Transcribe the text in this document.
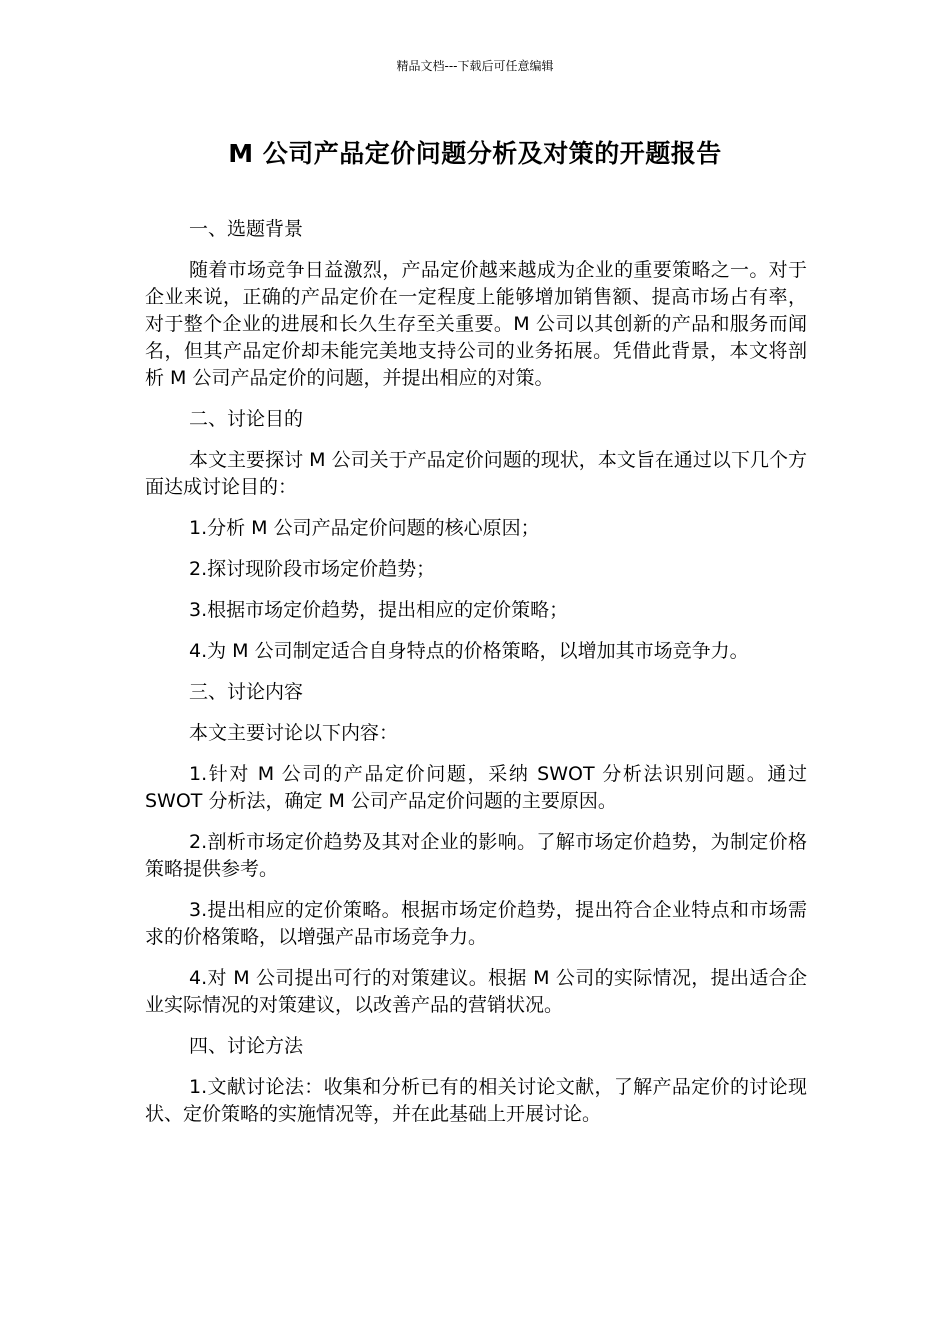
精品文档---下载后可任意编辑
M 公司产品定价问题分析及对策的开题报告

一、选题背景

随着市场竞争日益激烈，产品定价越来越成为企业的重要策略之一。对于企业来说，正确的产品定价在一定程度上能够增加销售额、提高市场占有率，对于整个企业的进展和长久生存至关重要。M 公司以其创新的产品和服务而闻名，但其产品定价却未能完美地支持公司的业务拓展。凭借此背景，本文将剖析 M 公司产品定价的问题，并提出相应的对策。

二、讨论目的

本文主要探讨 M 公司关于产品定价问题的现状，本文旨在通过以下几个方面达成讨论目的：

1.分析 M 公司产品定价问题的核心原因；

2.探讨现阶段市场定价趋势；

3.根据市场定价趋势，提出相应的定价策略；

4.为 M 公司制定适合自身特点的价格策略，以增加其市场竞争力。

三、讨论内容

本文主要讨论以下内容：

1.针对 M 公司的产品定价问题，采纳 SWOT 分析法识别问题。通过 SWOT 分析法，确定 M 公司产品定价问题的主要原因。

2.剖析市场定价趋势及其对企业的影响。了解市场定价趋势，为制定价格策略提供参考。

3.提出相应的定价策略。根据市场定价趋势，提出符合企业特点和市场需求的价格策略，以增强产品市场竞争力。

4.对 M 公司提出可行的对策建议。根据 M 公司的实际情况，提出适合企业实际情况的对策建议，以改善产品的营销状况。

四、讨论方法

1.文献讨论法：收集和分析已有的相关讨论文献，了解产品定价的讨论现状、定价策略的实施情况等，并在此基础上开展讨论。
